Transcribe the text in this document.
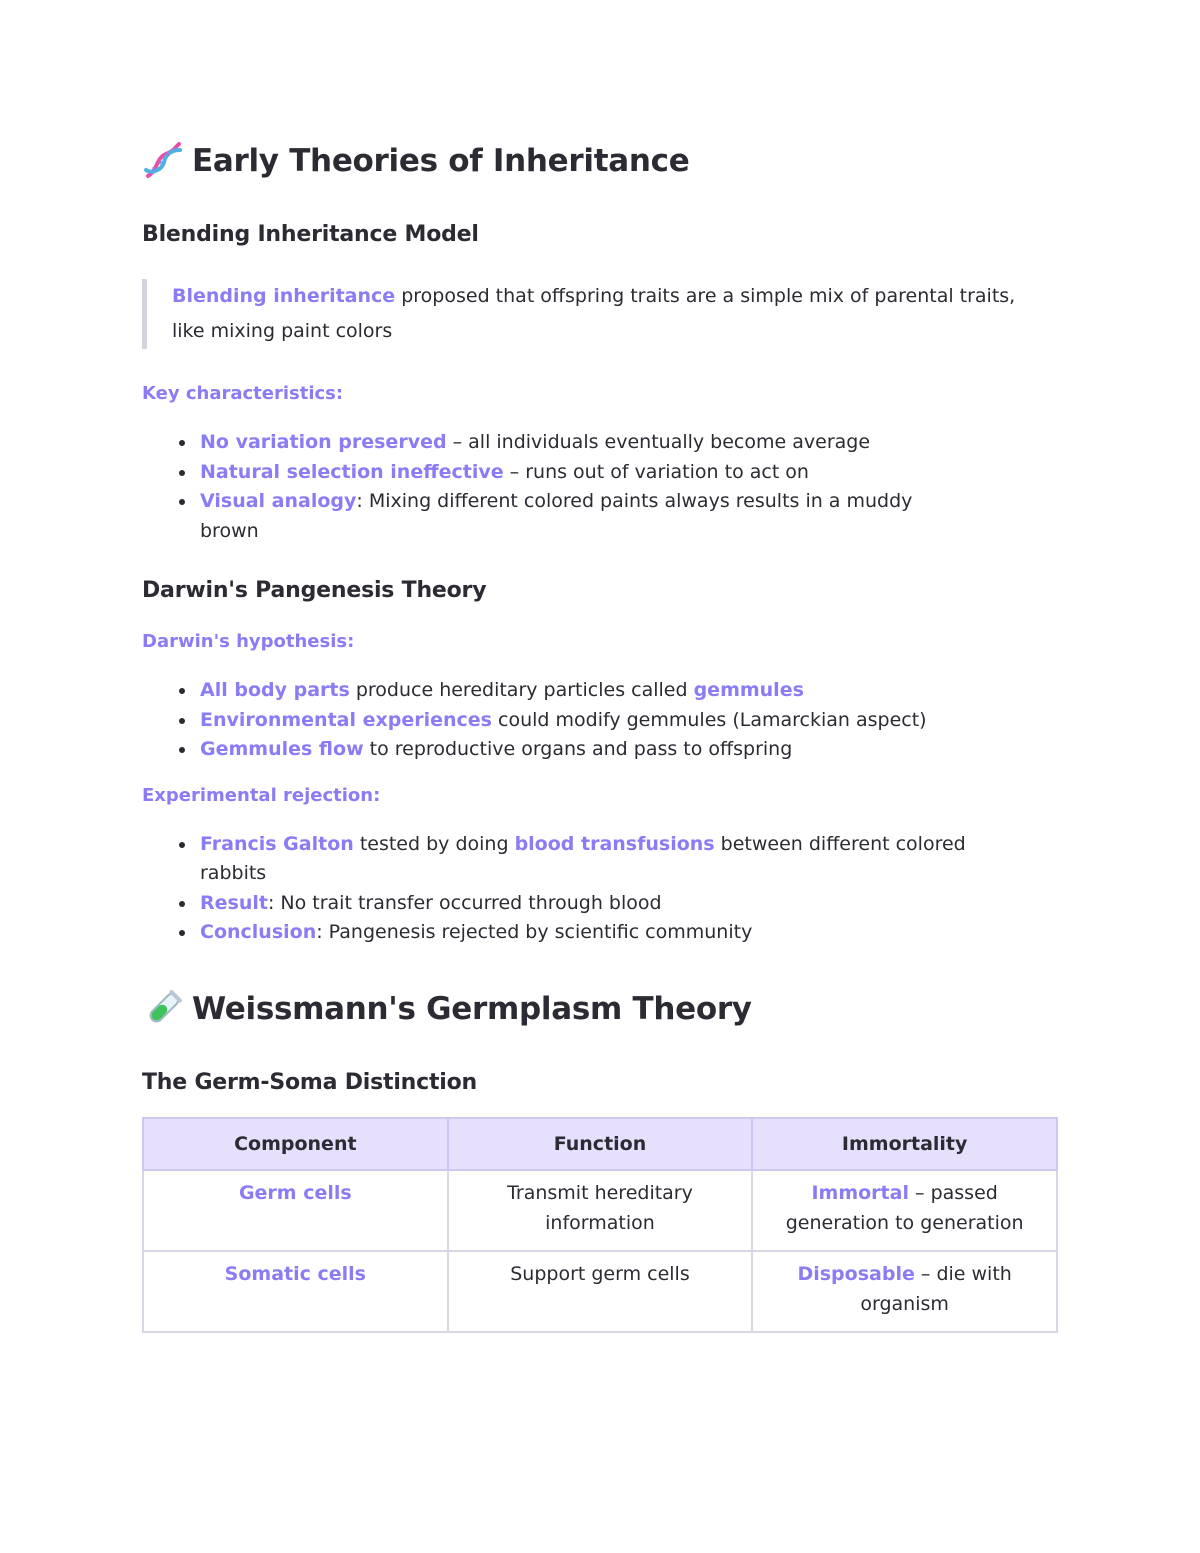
Early Theories of Inheritance
Blending Inheritance Model
Blending inheritance proposed that offspring traits are a simple mix of parental traits,
like mixing paint colors

Key characteristics:

No variation preserved – all individuals eventually become average
Natural selection ineffective – runs out of variation to act on
Visual analogy: Mixing different colored paints always results in a muddy
brown
Darwin's Pangenesis Theory

Darwin's hypothesis:

All body parts produce hereditary particles called gemmules
Environmental experiences could modify gemmules (Lamarckian aspect)
Gemmules flow to reproductive organs and pass to offspring

Experimental rejection:

Francis Galton tested by doing blood transfusions between different colored
rabbits
Result: No trait transfer occurred through blood
Conclusion: Pangenesis rejected by scientific community
Weissmann's Germplasm Theory
The Germ-Soma Distinction
Component	Function	Immortality
Germ cells	Transmit hereditary information	Immortal – passed generation to generation
Somatic cells	Support germ cells	Disposable – die with organism
